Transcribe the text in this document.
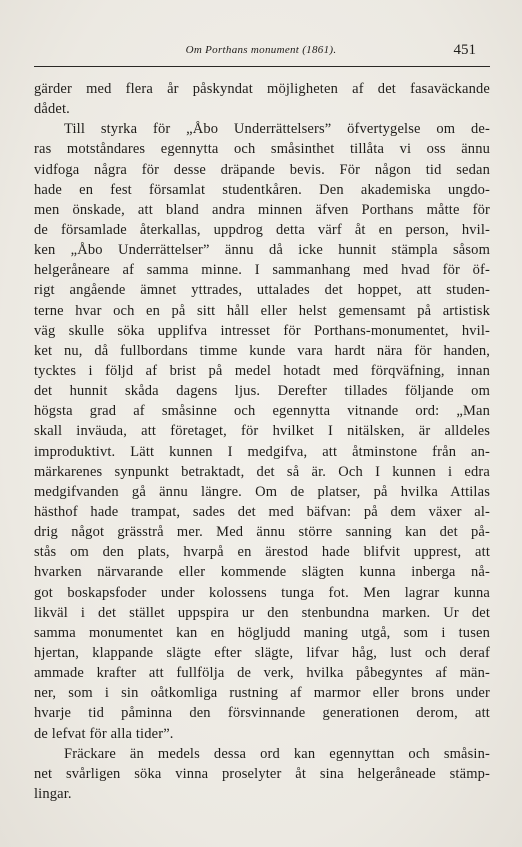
Om Porthans monument (1861).	451
gärder med flera år påskyndat möjligheten af det fasaväckande
dådet.
Till styrka för „Åbo Underrättelsers” öfvertygelse om de-
ras motståndares egennytta och småsinthet tillåta vi oss ännu
vidfoga några för desse dräpande bevis. För någon tid sedan
hade en fest församlat studentkåren. Den akademiska ungdo-
men önskade, att bland andra minnen äfven Porthans måtte för
de församlade återkallas, uppdrog detta värf åt en person, hvil-
ken „Åbo Underrättelser” ännu då icke hunnit stämpla såsom
helgeråneare af samma minne. I sammanhang med hvad för öf-
rigt angående ämnet yttrades, uttalades det hoppet, att studen-
terne hvar och en på sitt håll eller helst gemensamt på artistisk
väg skulle söka upplifva intresset för Porthans-monumentet, hvil-
ket nu, då fullbordans timme kunde vara hardt nära för handen,
tycktes i följd af brist på medel hotadt med förqväfning, innan
det hunnit skåda dagens ljus. Derefter tillades följande om
högsta grad af småsinne och egennytta vitnande ord: „Man
skall inväuda, att företaget, för hvilket I nitälsken, är alldeles
improduktivt. Lätt kunnen I medgifva, att åtminstone från an-
märkarenes synpunkt betraktadt, det så är. Och I kunnen i edra
medgifvanden gå ännu längre. Om de platser, på hvilka Attilas
hästhof hade trampat, sades det med bäfvan: på dem växer al-
drig något grässtrå mer. Med ännu större sanning kan det på-
stås om den plats, hvarpå en ärestod hade blifvit upprest, att
hvarken närvarande eller kommende slägten kunna inberga nå-
got boskapsfoder under kolossens tunga fot. Men lagrar kunna
likväl i det stället uppspira ur den stenbundna marken. Ur det
samma monumentet kan en högljudd maning utgå, som i tusen
hjertan, klappande slägte efter slägte, lifvar håg, lust och deraf
ammade krafter att fullfölja de verk, hvilka påbegyntes af män-
ner, som i sin oåtkomliga rustning af marmor eller brons under
hvarje tid påminna den försvinnande generationen derom, att
de lefvat för alla tider”.
Fräckare än medels dessa ord kan egennyttan och småsin-
net svårligen söka vinna proselyter åt sina helgeråneade stämp-
lingar.
